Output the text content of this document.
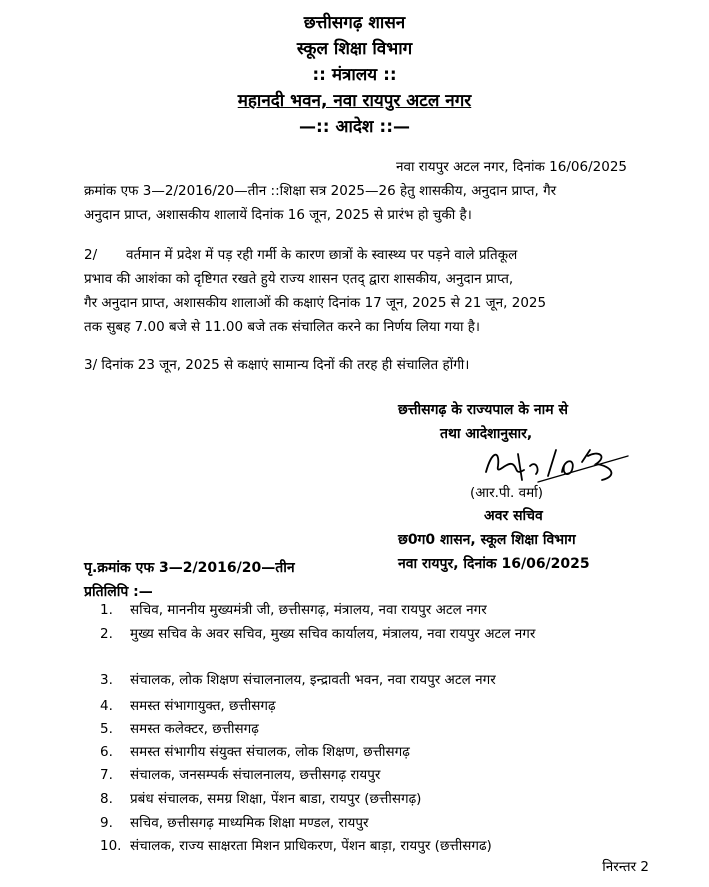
छत्तीसगढ़ शासन
स्कूल शिक्षा विभाग
:: मंत्रालय ::
महानदी भवन, नवा रायपुर अटल नगर
—:: आदेश ::—
नवा रायपुर अटल नगर, दिनांक 16/06/2025
क्रमांक एफ 3—2/2016/20—तीन ::शिक्षा सत्र 2025—26 हेतु शासकीय, अनुदान प्राप्त, गैर
अनुदान प्राप्त, अशासकीय शालायें दिनांक 16 जून, 2025 से प्रारंभ हो चुकी है।
2/ वर्तमान में प्रदेश में पड़ रही गर्मी के कारण छात्रों के स्वास्थ्य पर पड़ने वाले प्रतिकूल
प्रभाव की आशंका को दृष्टिगत रखते हुये राज्य शासन एतद् द्वारा शासकीय, अनुदान प्राप्त,
गैर अनुदान प्राप्त, अशासकीय शालाओं की कक्षाएं दिनांक 17 जून, 2025 से 21 जून, 2025
तक सुबह 7.00 बजे से 11.00 बजे तक संचालित करने का निर्णय लिया गया है।
3/ दिनांक 23 जून, 2025 से कक्षाएं सामान्य दिनों की तरह ही संचालित होंगी।
छत्तीसगढ़ के राज्यपाल के नाम से
तथा आदेशानुसार,
(आर.पी. वर्मा)
अवर सचिव
छ0ग0 शासन, स्कूल शिक्षा विभाग
नवा रायपुर, दिनांक 16/06/2025
पृ.क्रमांक एफ 3—2/2016/20—तीन
प्रतिलिपि :—
1. सचिव, माननीय मुख्यमंत्री जी, छत्तीसगढ़, मंत्रालय, नवा रायपुर अटल नगर
2. मुख्य सचिव के अवर सचिव, मुख्य सचिव कार्यालय, मंत्रालय, नवा रायपुर अटल नगर
3. संचालक, लोक शिक्षण संचालनालय, इन्द्रावती भवन, नवा रायपुर अटल नगर
4. समस्त संभागायुक्त, छत्तीसगढ़
5. समस्त कलेक्टर, छत्तीसगढ़
6. समस्त संभागीय संयुक्त संचालक, लोक शिक्षण, छत्तीसगढ़
7. संचालक, जनसम्पर्क संचालनालय, छत्तीसगढ़ रायपुर
8. प्रबंध संचालक, समग्र शिक्षा, पेंशन बाडा, रायपुर (छत्तीसगढ़)
9. सचिव, छत्तीसगढ़ माध्यमिक शिक्षा मण्डल, रायपुर
10. संचालक, राज्य साक्षरता मिशन प्राधिकरण, पेंशन बाड़ा, रायपुर (छत्तीसगढ)
निरन्तर 2
